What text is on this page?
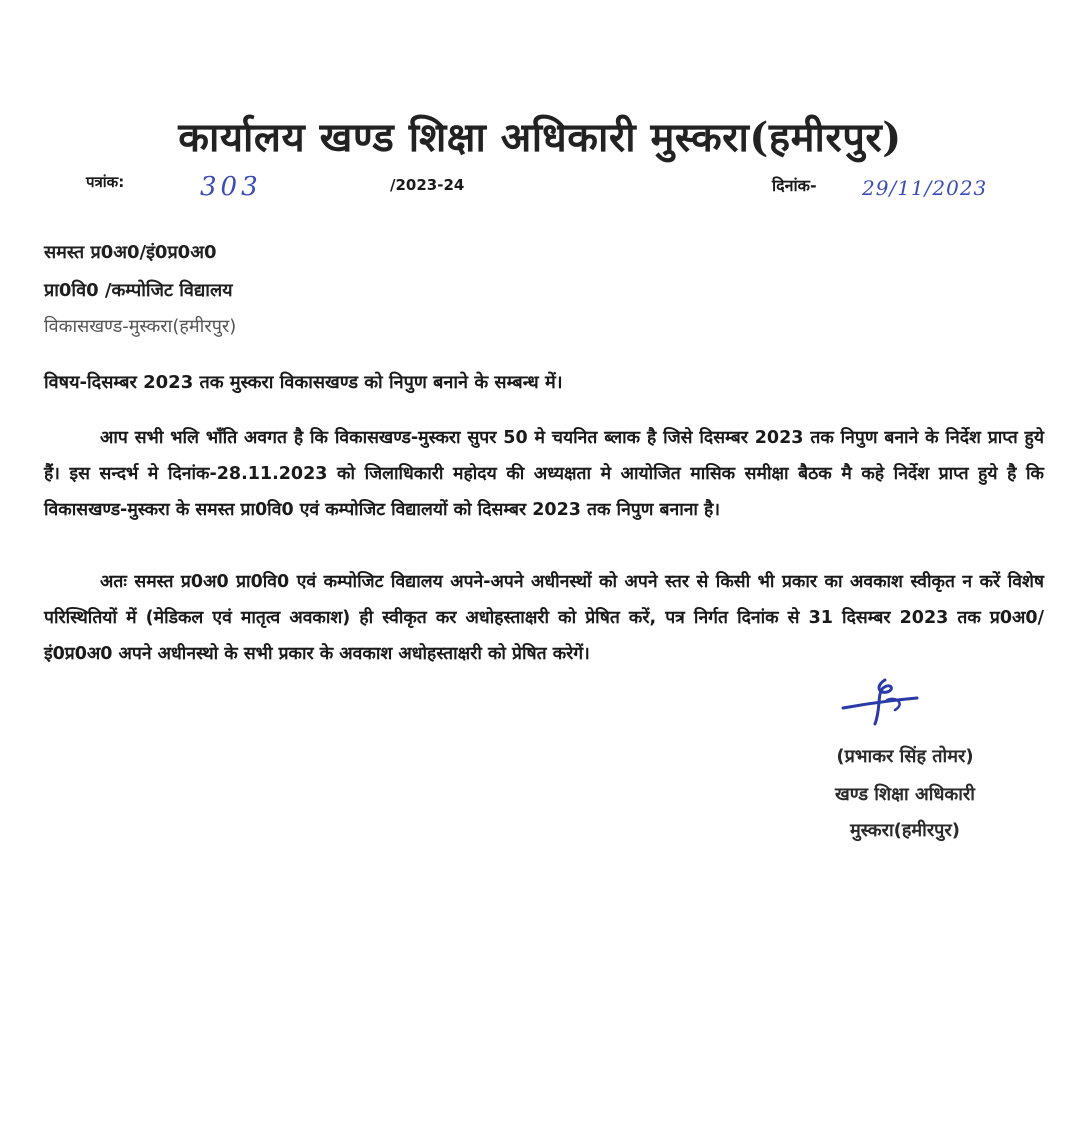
कार्यालय खण्ड शिक्षा अधिकारी मुस्करा(हमीरपुर)
पत्रांक:	303	/2023-24	दिनांक- 29/11/2023
समस्त प्र0अ0/इं0प्र0अ0
प्रा0वि0 /कम्पोजिट विद्यालय
विकासखण्ड-मुस्करा(हमीरपुर)
विषय-दिसम्बर 2023 तक मुस्करा विकासखण्ड को निपुण बनाने के सम्बन्ध में।
आप सभी भलि भाँति अवगत है कि विकासखण्ड-मुस्करा सुपर 50 मे चयनित ब्लाक है जिसे दिसम्बर 2023 तक निपुण बनाने के निर्देश प्राप्त हुये हैं। इस सन्दर्भ मे दिनांक-28.11.2023 को जिलाधिकारी महोदय की अध्यक्षता मे आयोजित मासिक समीक्षा बैठक मै कहे निर्देश प्राप्त हुये है कि विकासखण्ड-मुस्करा के समस्त प्रा0वि0 एवं कम्पोजिट विद्यालयों को दिसम्बर 2023 तक निपुण बनाना है।
अतः समस्त प्र0अ0 प्रा0वि0 एवं कम्पोजिट विद्यालय अपने-अपने अधीनस्थों को अपने स्तर से किसी भी प्रकार का अवकाश स्वीकृत न करें विशेष परिस्थितियों में (मेडिकल एवं मातृत्व अवकाश) ही स्वीकृत कर अधोहस्ताक्षरी को प्रेषित करें, पत्र निर्गत दिनांक से 31 दिसम्बर 2023 तक प्र0अ0/इं0प्र0अ0 अपने अधीनस्थो के सभी प्रकार के अवकाश अधोहस्ताक्षरी को प्रेषित करेगें।
(प्रभाकर सिंह तोमर)
खण्ड शिक्षा अधिकारी
मुस्करा(हमीरपुर)
